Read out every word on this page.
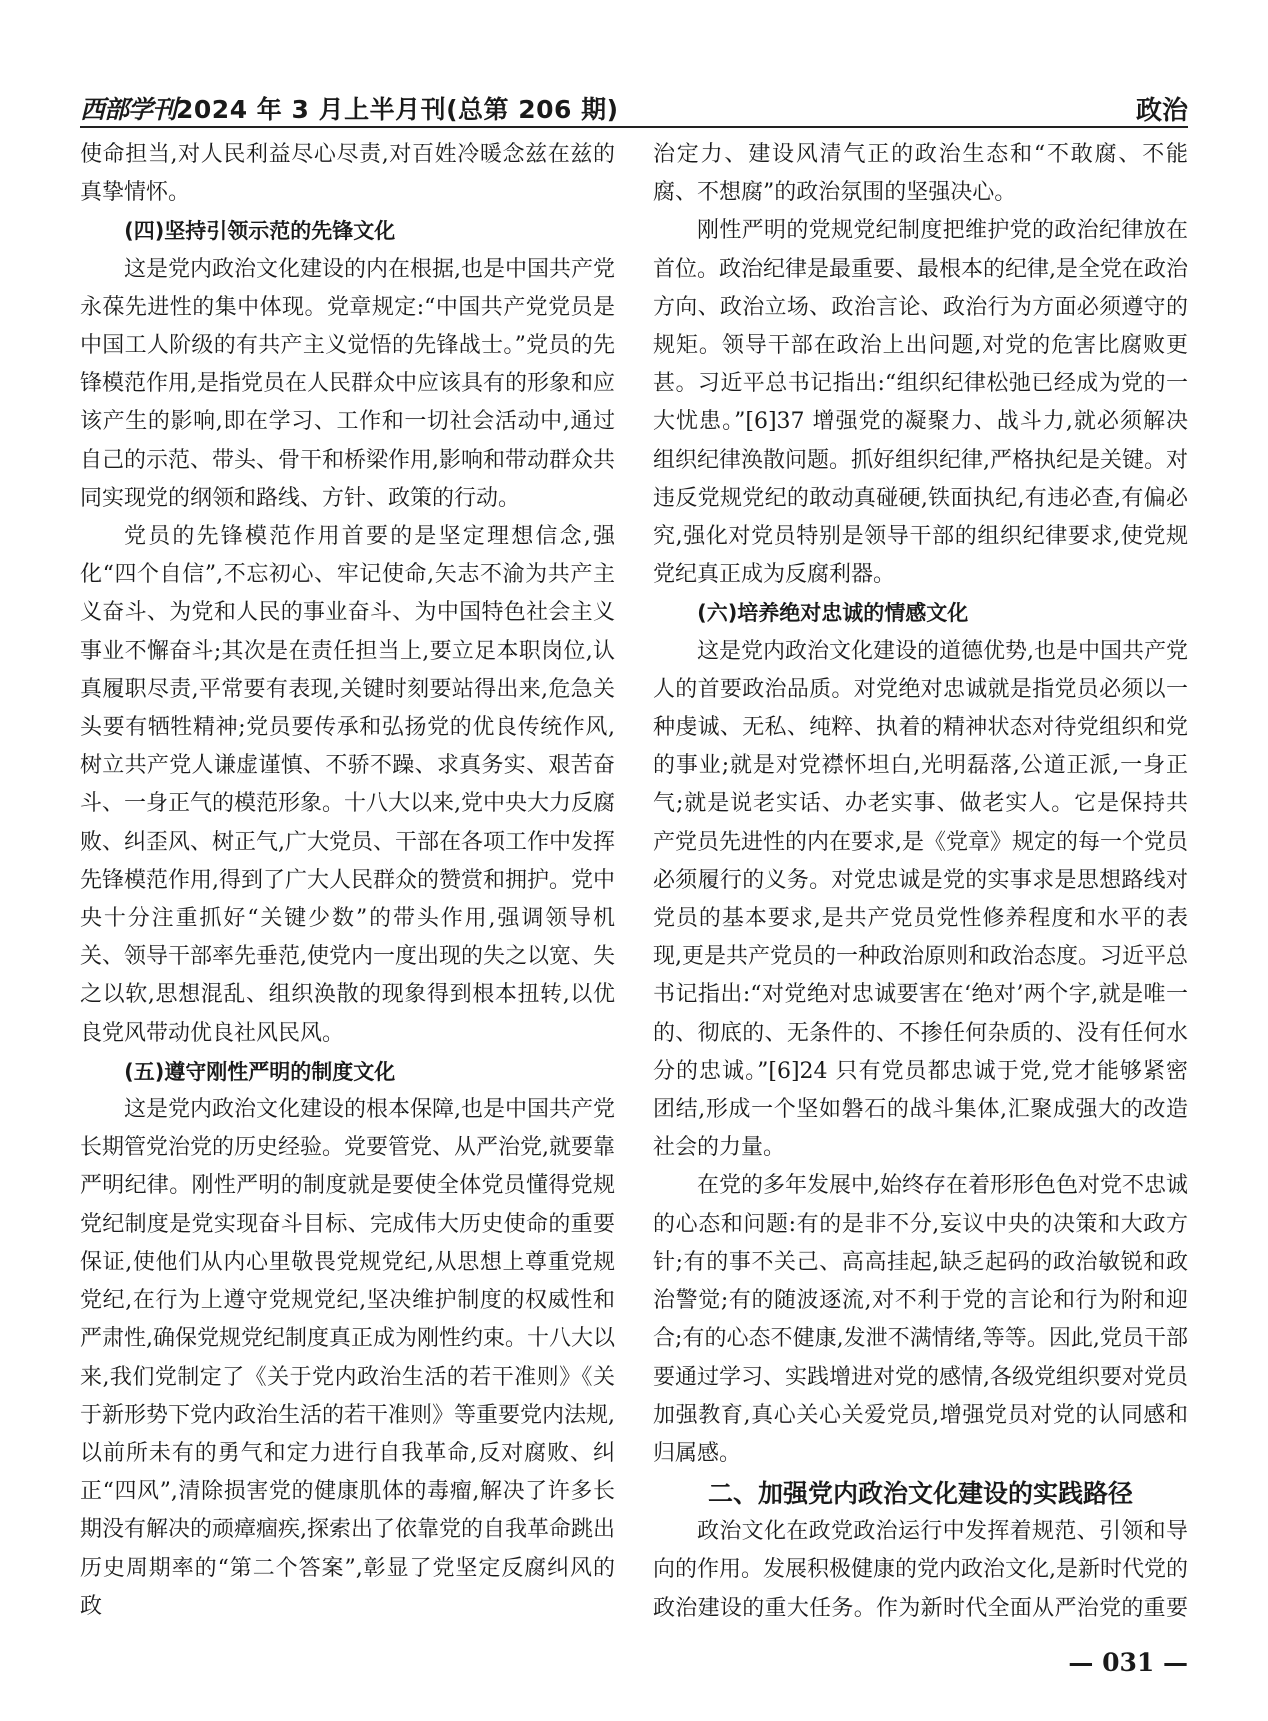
西部学刊2024 年 3 月上半月刊(总第 206 期)	政治

使命担当,对人民利益尽心尽责,对百姓冷暖念兹在兹的真挚情怀。

(四)坚持引领示范的先锋文化

这是党内政治文化建设的内在根据,也是中国共产党永葆先进性的集中体现。党章规定:“中国共产党党员是中国工人阶级的有共产主义觉悟的先锋战士。”党员的先锋模范作用,是指党员在人民群众中应该具有的形象和应该产生的影响,即在学习、工作和一切社会活动中,通过自己的示范、带头、骨干和桥梁作用,影响和带动群众共同实现党的纲领和路线、方针、政策的行动。

党员的先锋模范作用首要的是坚定理想信念,强化“四个自信”,不忘初心、牢记使命,矢志不渝为共产主义奋斗、为党和人民的事业奋斗、为中国特色社会主义事业不懈奋斗;其次是在责任担当上,要立足本职岗位,认真履职尽责,平常要有表现,关键时刻要站得出来,危急关头要有牺牲精神;党员要传承和弘扬党的优良传统作风,树立共产党人谦虚谨慎、不骄不躁、求真务实、艰苦奋斗、一身正气的模范形象。十八大以来,党中央大力反腐败、纠歪风、树正气,广大党员、干部在各项工作中发挥先锋模范作用,得到了广大人民群众的赞赏和拥护。党中央十分注重抓好“关键少数”的带头作用,强调领导机关、领导干部率先垂范,使党内一度出现的失之以宽、失之以软,思想混乱、组织涣散的现象得到根本扭转,以优良党风带动优良社风民风。

(五)遵守刚性严明的制度文化

这是党内政治文化建设的根本保障,也是中国共产党长期管党治党的历史经验。党要管党、从严治党,就要靠严明纪律。刚性严明的制度就是要使全体党员懂得党规党纪制度是党实现奋斗目标、完成伟大历史使命的重要保证,使他们从内心里敬畏党规党纪,从思想上尊重党规党纪,在行为上遵守党规党纪,坚决维护制度的权威性和严肃性,确保党规党纪制度真正成为刚性约束。十八大以来,我们党制定了《关于党内政治生活的若干准则》《关于新形势下党内政治生活的若干准则》等重要党内法规,以前所未有的勇气和定力进行自我革命,反对腐败、纠正“四风”,清除损害党的健康肌体的毒瘤,解决了许多长期没有解决的顽瘴痼疾,探索出了依靠党的自我革命跳出历史周期率的“第二个答案”,彰显了党坚定反腐纠风的政

治定力、建设风清气正的政治生态和“不敢腐、不能腐、不想腐”的政治氛围的坚强决心。

刚性严明的党规党纪制度把维护党的政治纪律放在首位。政治纪律是最重要、最根本的纪律,是全党在政治方向、政治立场、政治言论、政治行为方面必须遵守的规矩。领导干部在政治上出问题,对党的危害比腐败更甚。习近平总书记指出:“组织纪律松弛已经成为党的一大忧患。”[6]37 增强党的凝聚力、战斗力,就必须解决组织纪律涣散问题。抓好组织纪律,严格执纪是关键。对违反党规党纪的敢动真碰硬,铁面执纪,有违必查,有偏必究,强化对党员特别是领导干部的组织纪律要求,使党规党纪真正成为反腐利器。

(六)培养绝对忠诚的情感文化

这是党内政治文化建设的道德优势,也是中国共产党人的首要政治品质。对党绝对忠诚就是指党员必须以一种虔诚、无私、纯粹、执着的精神状态对待党组织和党的事业;就是对党襟怀坦白,光明磊落,公道正派,一身正气;就是说老实话、办老实事、做老实人。它是保持共产党员先进性的内在要求,是《党章》规定的每一个党员必须履行的义务。对党忠诚是党的实事求是思想路线对党员的基本要求,是共产党员党性修养程度和水平的表现,更是共产党员的一种政治原则和政治态度。习近平总书记指出:“对党绝对忠诚要害在‘绝对’两个字,就是唯一的、彻底的、无条件的、不掺任何杂质的、没有任何水分的忠诚。”[6]24 只有党员都忠诚于党,党才能够紧密团结,形成一个坚如磐石的战斗集体,汇聚成强大的改造社会的力量。

在党的多年发展中,始终存在着形形色色对党不忠诚的心态和问题:有的是非不分,妄议中央的决策和大政方针;有的事不关己、高高挂起,缺乏起码的政治敏锐和政治警觉;有的随波逐流,对不利于党的言论和行为附和迎合;有的心态不健康,发泄不满情绪,等等。因此,党员干部要通过学习、实践增进对党的感情,各级党组织要对党员加强教育,真心关心关爱党员,增强党员对党的认同感和归属感。

二、加强党内政治文化建设的实践路径

政治文化在政党政治运行中发挥着规范、引领和导向的作用。发展积极健康的党内政治文化,是新时代党的政治建设的重大任务。作为新时代全面从严治党的重要

— 031 —
